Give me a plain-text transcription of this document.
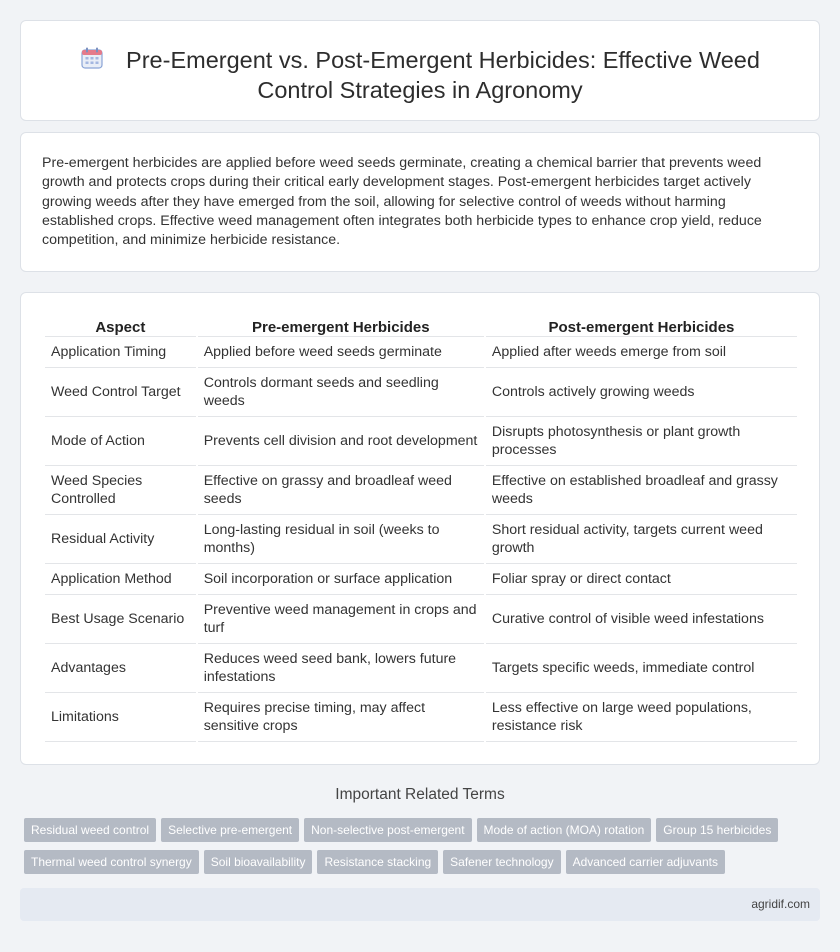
Pre-Emergent vs. Post-Emergent Herbicides: Effective Weed Control Strategies in Agronomy

Pre-emergent herbicides are applied before weed seeds germinate, creating a chemical barrier that prevents weed growth and protects crops during their critical early development stages. Post-emergent herbicides target actively growing weeds after they have emerged from the soil, allowing for selective control of weeds without harming established crops. Effective weed management often integrates both herbicide types to enhance crop yield, reduce competition, and minimize herbicide resistance.

Aspect	Pre-emergent Herbicides	Post-emergent Herbicides
Application Timing	Applied before weed seeds germinate	Applied after weeds emerge from soil
Weed Control Target	Controls dormant seeds and seedling weeds	Controls actively growing weeds
Mode of Action	Prevents cell division and root development	Disrupts photosynthesis or plant growth processes
Weed Species Controlled	Effective on grassy and broadleaf weed seeds	Effective on established broadleaf and grassy weeds
Residual Activity	Long-lasting residual in soil (weeks to months)	Short residual activity, targets current weed growth
Application Method	Soil incorporation or surface application	Foliar spray or direct contact
Best Usage Scenario	Preventive weed management in crops and turf	Curative control of visible weed infestations
Advantages	Reduces weed seed bank, lowers future infestations	Targets specific weeds, immediate control
Limitations	Requires precise timing, may affect sensitive crops	Less effective on large weed populations, resistance risk
Important Related Terms
Residual weed control Selective pre-emergent Non-selective post-emergent Mode of action (MOA) rotation Group 15 herbicides
Thermal weed control synergy Soil bioavailability Resistance stacking Safener technology Advanced carrier adjuvants
agridif.com
